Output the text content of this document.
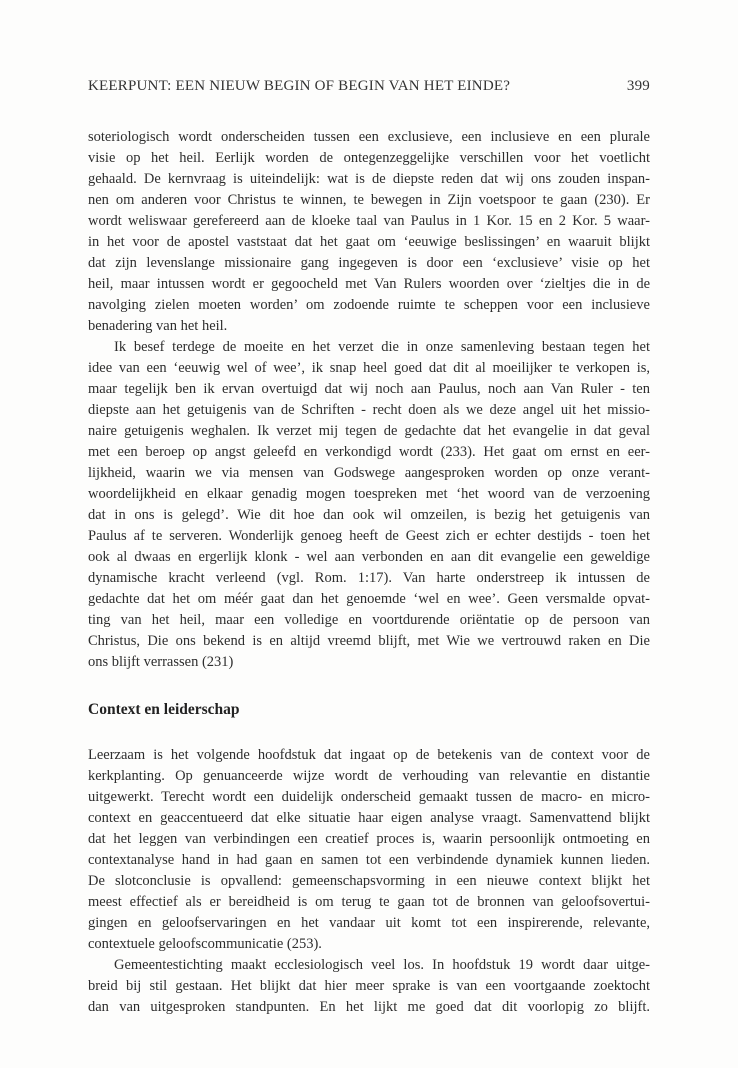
KEERPUNT: EEN NIEUW BEGIN OF BEGIN VAN HET EINDE?	399
soteriologisch wordt onderscheiden tussen een exclusieve, een inclusieve en een plurale
visie op het heil. Eerlijk worden de ontegenzeggelijke verschillen voor het voetlicht
gehaald. De kernvraag is uiteindelijk: wat is de diepste reden dat wij ons zouden inspan-
nen om anderen voor Christus te winnen, te bewegen in Zijn voetspoor te gaan (230). Er
wordt weliswaar gerefereerd aan de kloeke taal van Paulus in 1 Kor. 15 en 2 Kor. 5 waar-
in het voor de apostel vaststaat dat het gaat om ‘eeuwige beslissingen’ en waaruit blijkt
dat zijn levenslange missionaire gang ingegeven is door een ‘exclusieve’ visie op het
heil, maar intussen wordt er gegoocheld met Van Rulers woorden over ‘zieltjes die in de
navolging zielen moeten worden’ om zodoende ruimte te scheppen voor een inclusieve
benadering van het heil.
Ik besef terdege de moeite en het verzet die in onze samenleving bestaan tegen het
idee van een ‘eeuwig wel of wee’, ik snap heel goed dat dit al moeilijker te verkopen is,
maar tegelijk ben ik ervan overtuigd dat wij noch aan Paulus, noch aan Van Ruler - ten
diepste aan het getuigenis van de Schriften - recht doen als we deze angel uit het missio-
naire getuigenis weghalen. Ik verzet mij tegen de gedachte dat het evangelie in dat geval
met een beroep op angst geleefd en verkondigd wordt (233). Het gaat om ernst en eer-
lijkheid, waarin we via mensen van Godswege aangesproken worden op onze verant-
woordelijkheid en elkaar genadig mogen toespreken met ‘het woord van de verzoening
dat in ons is gelegd’. Wie dit hoe dan ook wil omzeilen, is bezig het getuigenis van
Paulus af te serveren. Wonderlijk genoeg heeft de Geest zich er echter destijds - toen het
ook al dwaas en ergerlijk klonk - wel aan verbonden en aan dit evangelie een geweldige
dynamische kracht verleend (vgl. Rom. 1:17). Van harte onderstreep ik intussen de
gedachte dat het om méér gaat dan het genoemde ‘wel en wee’. Geen versmalde opvat-
ting van het heil, maar een volledige en voortdurende oriëntatie op de persoon van
Christus, Die ons bekend is en altijd vreemd blijft, met Wie we vertrouwd raken en Die
ons blijft verrassen (231)
Context en leiderschap
Leerzaam is het volgende hoofdstuk dat ingaat op de betekenis van de context voor de
kerkplanting. Op genuanceerde wijze wordt de verhouding van relevantie en distantie
uitgewerkt. Terecht wordt een duidelijk onderscheid gemaakt tussen de macro- en micro-
context en geaccentueerd dat elke situatie haar eigen analyse vraagt. Samenvattend blijkt
dat het leggen van verbindingen een creatief proces is, waarin persoonlijk ontmoeting en
contextanalyse hand in had gaan en samen tot een verbindende dynamiek kunnen lieden.
De slotconclusie is opvallend: gemeenschapsvorming in een nieuwe context blijkt het
meest effectief als er bereidheid is om terug te gaan tot de bronnen van geloofsovertui-
gingen en geloofservaringen en het vandaar uit komt tot een inspirerende, relevante,
contextuele geloofscommunicatie (253).
Gemeentestichting maakt ecclesiologisch veel los. In hoofdstuk 19 wordt daar uitge-
breid bij stil gestaan. Het blijkt dat hier meer sprake is van een voortgaande zoektocht
dan van uitgesproken standpunten. En het lijkt me goed dat dit voorlopig zo blijft.
